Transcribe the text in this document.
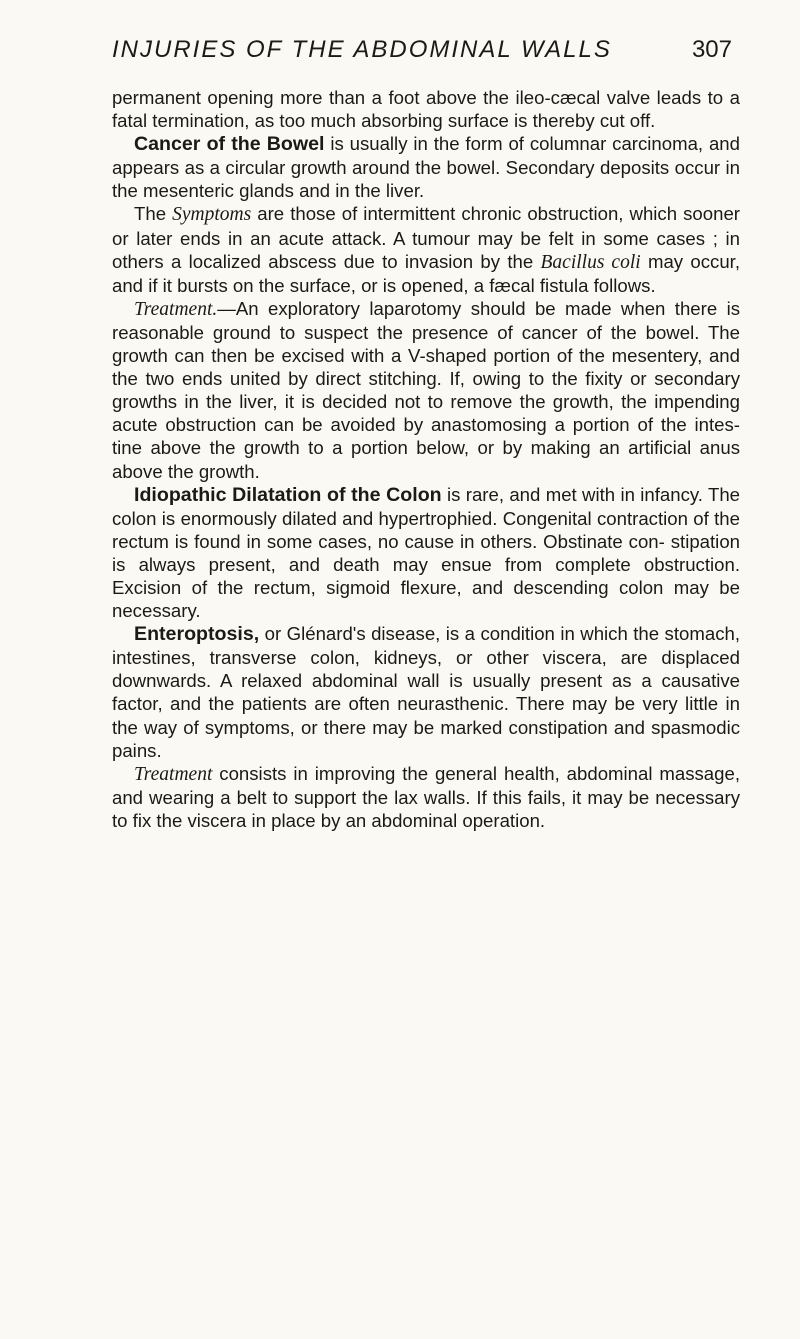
INJURIES OF THE ABDOMINAL WALLS	307

permanent opening more than a foot above the ileo-cæcal valve leads to a fatal termination, as too much absorbing surface is thereby cut off.

Cancer of the Bowel is usually in the form of columnar carcinoma, and appears as a circular growth around the bowel. Secondary deposits occur in the mesenteric glands and in the liver.

The Symptoms are those of intermittent chronic obstruction, which sooner or later ends in an acute attack. A tumour may be felt in some cases ; in others a localized abscess due to invasion by the Bacillus coli may occur, and if it bursts on the surface, or is opened, a fæcal fistula follows.

Treatment.—An exploratory laparotomy should be made when there is reasonable ground to suspect the presence of cancer of the bowel. The growth can then be excised with a V-shaped portion of the mesentery, and the two ends united by direct stitching. If, owing to the fixity or secondary growths in the liver, it is decided not to remove the growth, the impending acute obstruction can be avoided by anastomosing a portion of the intes- tine above the growth to a portion below, or by making an artificial anus above the growth.

Idiopathic Dilatation of the Colon is rare, and met with in infancy. The colon is enormously dilated and hypertrophied. Congenital contraction of the rectum is found in some cases, no cause in others. Obstinate con- stipation is always present, and death may ensue from complete obstruction. Excision of the rectum, sigmoid flexure, and descending colon may be necessary.

Enteroptosis, or Glénard's disease, is a condition in which the stomach, intestines, transverse colon, kidneys, or other viscera, are displaced downwards. A relaxed abdominal wall is usually present as a causative factor, and the patients are often neurasthenic. There may be very little in the way of symptoms, or there may be marked constipation and spasmodic pains.

Treatment consists in improving the general health, abdominal massage, and wearing a belt to support the lax walls. If this fails, it may be necessary to fix the viscera in place by an abdominal operation.
